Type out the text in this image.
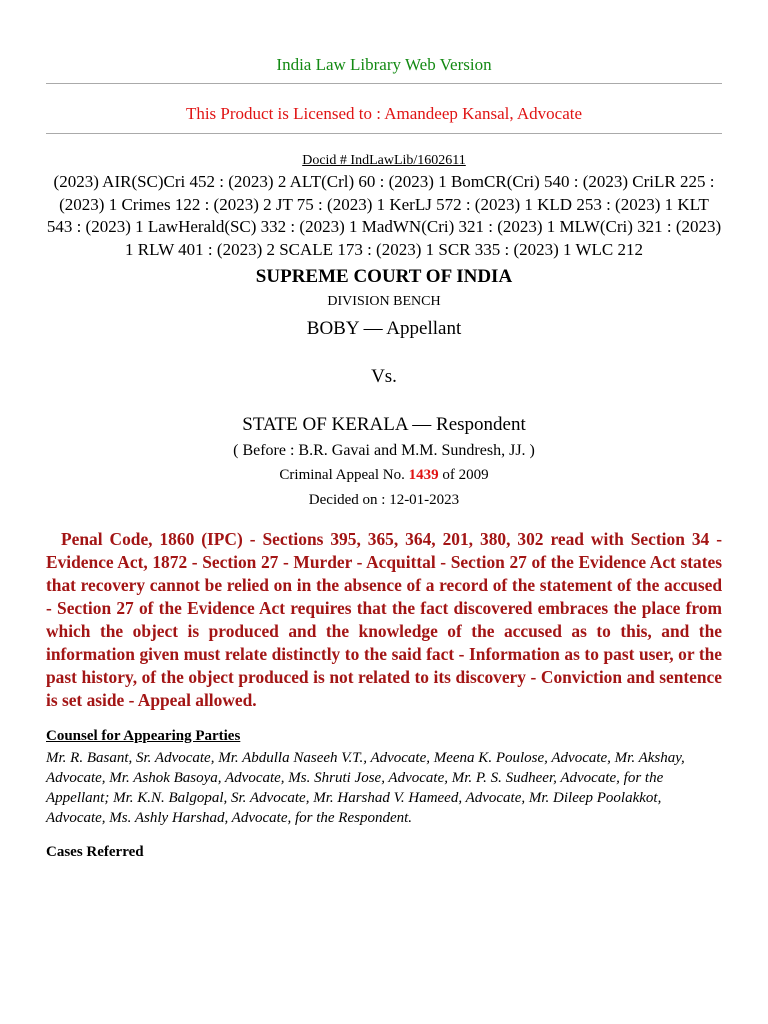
India Law Library Web Version
This Product is Licensed to : Amandeep Kansal, Advocate
Docid # IndLawLib/1602611
(2023) AIR(SC)Cri 452 : (2023) 2 ALT(Crl) 60 : (2023) 1 BomCR(Cri) 540 : (2023) CriLR 225 : (2023) 1 Crimes 122 : (2023) 2 JT 75 : (2023) 1 KerLJ 572 : (2023) 1 KLD 253 : (2023) 1 KLT 543 : (2023) 1 LawHerald(SC) 332 : (2023) 1 MadWN(Cri) 321 : (2023) 1 MLW(Cri) 321 : (2023) 1 RLW 401 : (2023) 2 SCALE 173 : (2023) 1 SCR 335 : (2023) 1 WLC 212
SUPREME COURT OF INDIA
DIVISION BENCH
BOBY — Appellant
Vs.
STATE OF KERALA — Respondent
( Before : B.R. Gavai and M.M. Sundresh, JJ. )
Criminal Appeal No. 1439 of 2009
Decided on : 12-01-2023
Penal Code, 1860 (IPC) - Sections 395, 365, 364, 201, 380, 302 read with Section 34 - Evidence Act, 1872 - Section 27 - Murder - Acquittal - Section 27 of the Evidence Act states that recovery cannot be relied on in the absence of a record of the statement of the accused - Section 27 of the Evidence Act requires that the fact discovered embraces the place from which the object is produced and the knowledge of the accused as to this, and the information given must relate distinctly to the said fact - Information as to past user, or the past history, of the object produced is not related to its discovery - Conviction and sentence is set aside - Appeal allowed.
Counsel for Appearing Parties
Mr. R. Basant, Sr. Advocate, Mr. Abdulla Naseeh V.T., Advocate, Meena K. Poulose, Advocate, Mr. Akshay, Advocate, Mr. Ashok Basoya, Advocate, Ms. Shruti Jose, Advocate, Mr. P. S. Sudheer, Advocate, for the Appellant; Mr. K.N. Balgopal, Sr. Advocate, Mr. Harshad V. Hameed, Advocate, Mr. Dileep Poolakkot, Advocate, Ms. Ashly Harshad, Advocate, for the Respondent.
Cases Referred
